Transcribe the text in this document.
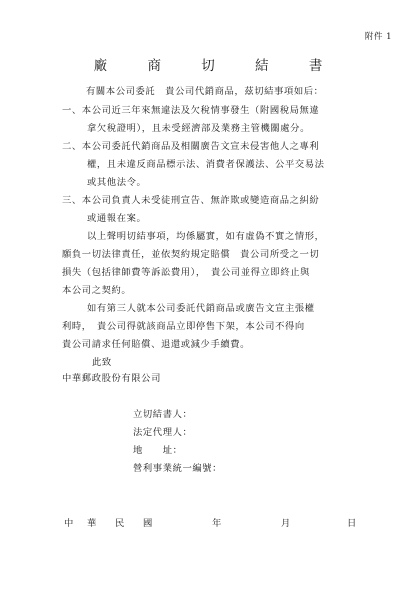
附件 1
廠 商 切 結 書
有關本公司委託　貴公司代銷商品，茲切結事項如后：
一、本公司近三年來無違法及欠稅情事發生（附國稅局無違
拿欠稅證明），且未受經濟部及業務主管機關處分。
二、本公司委託代銷商品及相關廣告文宣未侵害他人之專利
權，且未違反商品標示法、消費者保護法、公平交易法
或其他法令。
三、本公司負責人未受徒刑宣告、無詐欺或變造商品之糾紛
或通報在案。
以上聲明切結事項，均係屬實，如有虛偽不實之情形，
願負一切法律責任，並依契約規定賠償　貴公司所受之一切
損失（包括律師費等訴訟費用），　貴公司並得立即終止與
本公司之契約。
如有第三人就本公司委託代銷商品或廣告文宣主張權
利時，　貴公司得就該商品立即停售下架，本公司不得向
貴公司請求任何賠償、退還或減少手續費。
此致
中華郵政股份有限公司
立切結書人：
法定代理人：
地　　址：
營利事業統一編號：
中 華 民 國	年	月	日
